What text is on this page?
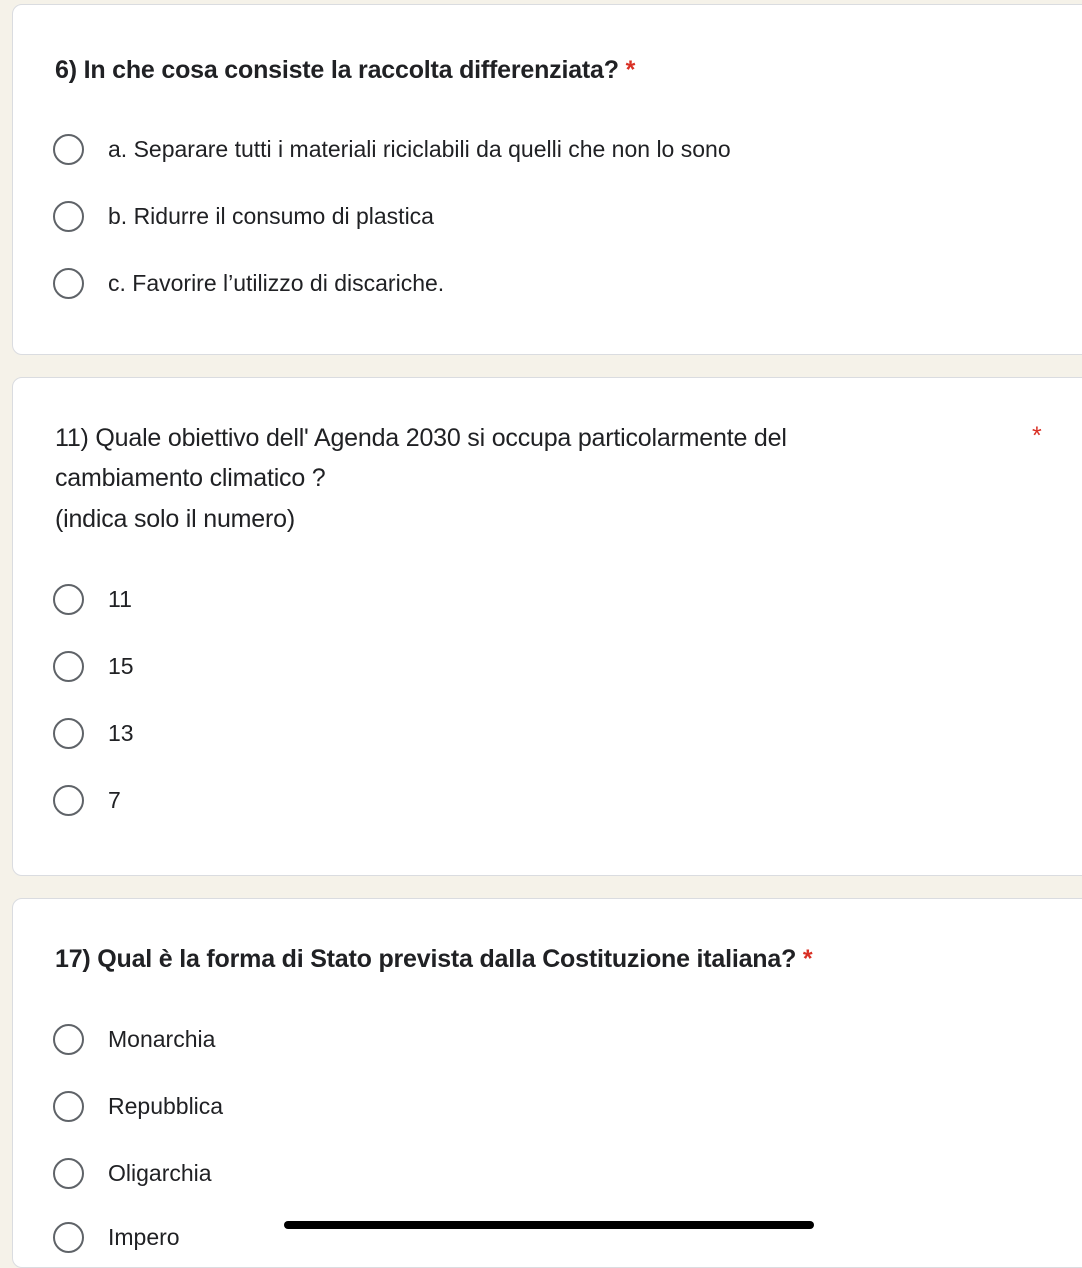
6) In che cosa consiste la raccolta differenziata? *
a. Separare tutti i materiali riciclabili da quelli che non lo sono
b. Ridurre il consumo di plastica
c. Favorire l’utilizzo di discariche.
11) Quale obiettivo dell' Agenda 2030 si occupa particolarmente del	*
cambiamento climatico ?
(indica solo il numero)
11
15
13
7
17) Qual è la forma di Stato prevista dalla Costituzione italiana? *
Monarchia
Repubblica
Oligarchia
Impero
